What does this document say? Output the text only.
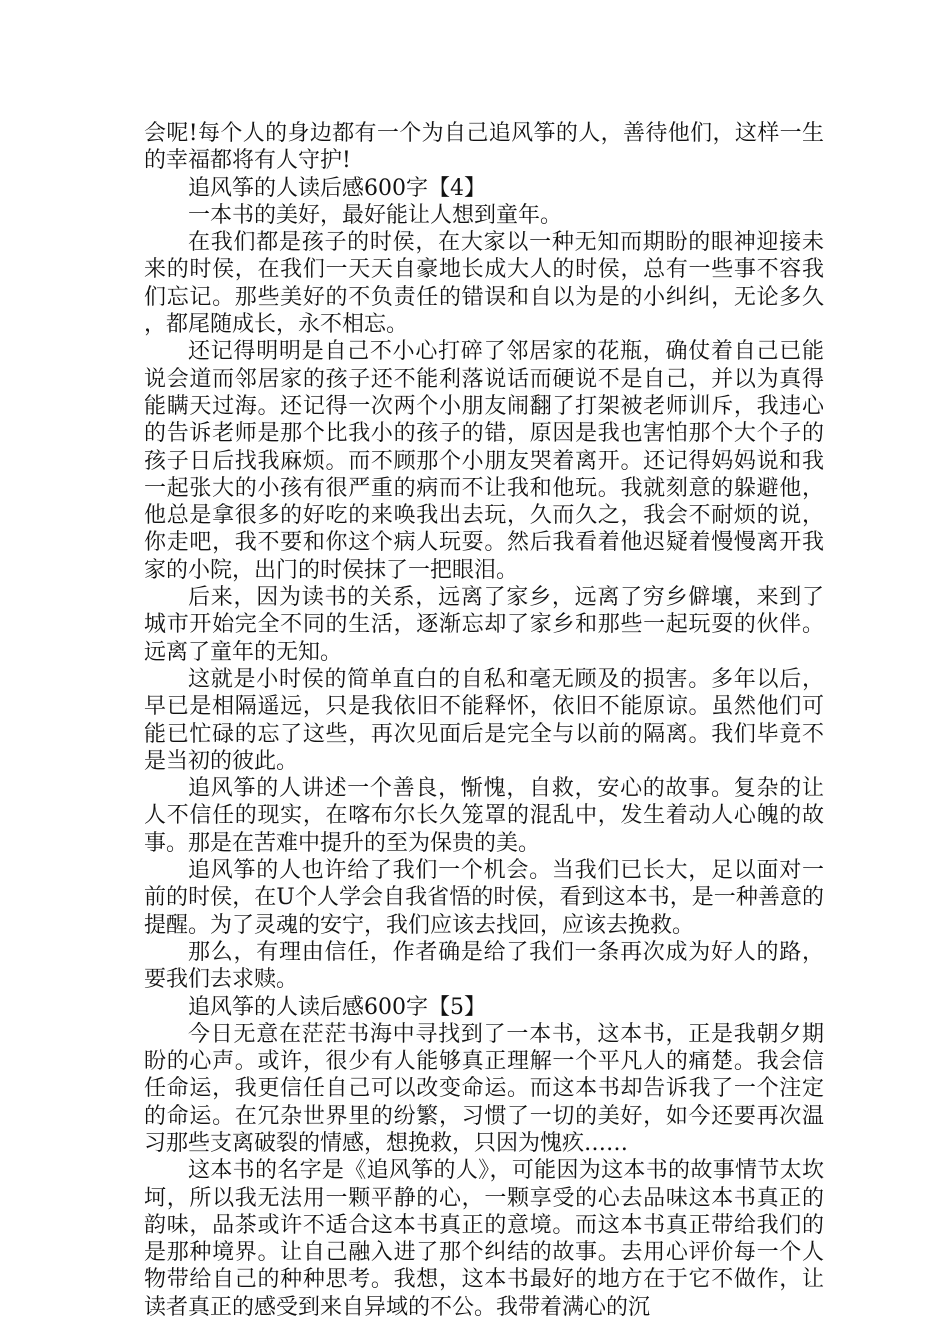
会呢!每个人的身边都有一个为自己追风筝的人，善待他们，这样一生的幸福都将有人守护!

追风筝的人读后感600字【4】

一本书的美好，最好能让人想到童年。

在我们都是孩子的时侯，在大家以一种无知而期盼的眼神迎接未来的时侯，在我们一天天自豪地长成大人的时侯，总有一些事不容我们忘记。那些美好的不负责任的错误和自以为是的小纠纠，无论多久，都尾随成长，永不相忘。

还记得明明是自己不小心打碎了邻居家的花瓶，确仗着自己已能说会道而邻居家的孩子还不能利落说话而硬说不是自己，并以为真得能瞒天过海。还记得一次两个小朋友闹翻了打架被老师训斥，我违心的告诉老师是那个比我小的孩子的错，原因是我也害怕那个大个子的孩子日后找我麻烦。而不顾那个小朋友哭着离开。还记得妈妈说和我一起张大的小孩有很严重的病而不让我和他玩。我就刻意的躲避他，他总是拿很多的好吃的来唤我出去玩，久而久之，我会不耐烦的说，你走吧，我不要和你这个病人玩耍。然后我看着他迟疑着慢慢离开我家的小院，出门的时侯抹了一把眼泪。

后来，因为读书的关系，远离了家乡，远离了穷乡僻壤，来到了城市开始完全不同的生活，逐渐忘却了家乡和那些一起玩耍的伙伴。远离了童年的无知。

这就是小时侯的简单直白的自私和毫无顾及的损害。多年以后，早已是相隔遥远，只是我依旧不能释怀，依旧不能原谅。虽然他们可能已忙碌的忘了这些，再次见面后是完全与以前的隔离。我们毕竟不是当初的彼此。

追风筝的人讲述一个善良，惭愧，自救，安心的故事。复杂的让人不信任的现实，在喀布尔长久笼罩的混乱中，发生着动人心魄的故事。那是在苦难中提升的至为保贵的美。

追风筝的人也许给了我们一个机会。当我们已长大，足以面对一前的时侯，在U个人学会自我省悟的时侯，看到这本书，是一种善意的提醒。为了灵魂的安宁，我们应该去找回，应该去挽救。

那么，有理由信任，作者确是给了我们一条再次成为好人的路，要我们去求赎。

追风筝的人读后感600字【5】

今日无意在茫茫书海中寻找到了一本书，这本书，正是我朝夕期盼的心声。或许，很少有人能够真正理解一个平凡人的痛楚。我会信任命运，我更信任自己可以改变命运。而这本书却告诉我了一个注定的命运。在冗杂世界里的纷繁，习惯了一切的美好，如今还要再次温习那些支离破裂的情感，想挽救，只因为愧疚……

这本书的名字是《追风筝的人》，可能因为这本书的故事情节太坎坷，所以我无法用一颗平静的心，一颗享受的心去品味这本书真正的韵味，品茶或许不适合这本书真正的意境。而这本书真正带给我们的是那种境界。让自己融入进了那个纠结的故事。去用心评价每一个人物带给自己的种种思考。我想，这本书最好的地方在于它不做作，让读者真正的感受到来自异域的不公。我带着满心的沉
